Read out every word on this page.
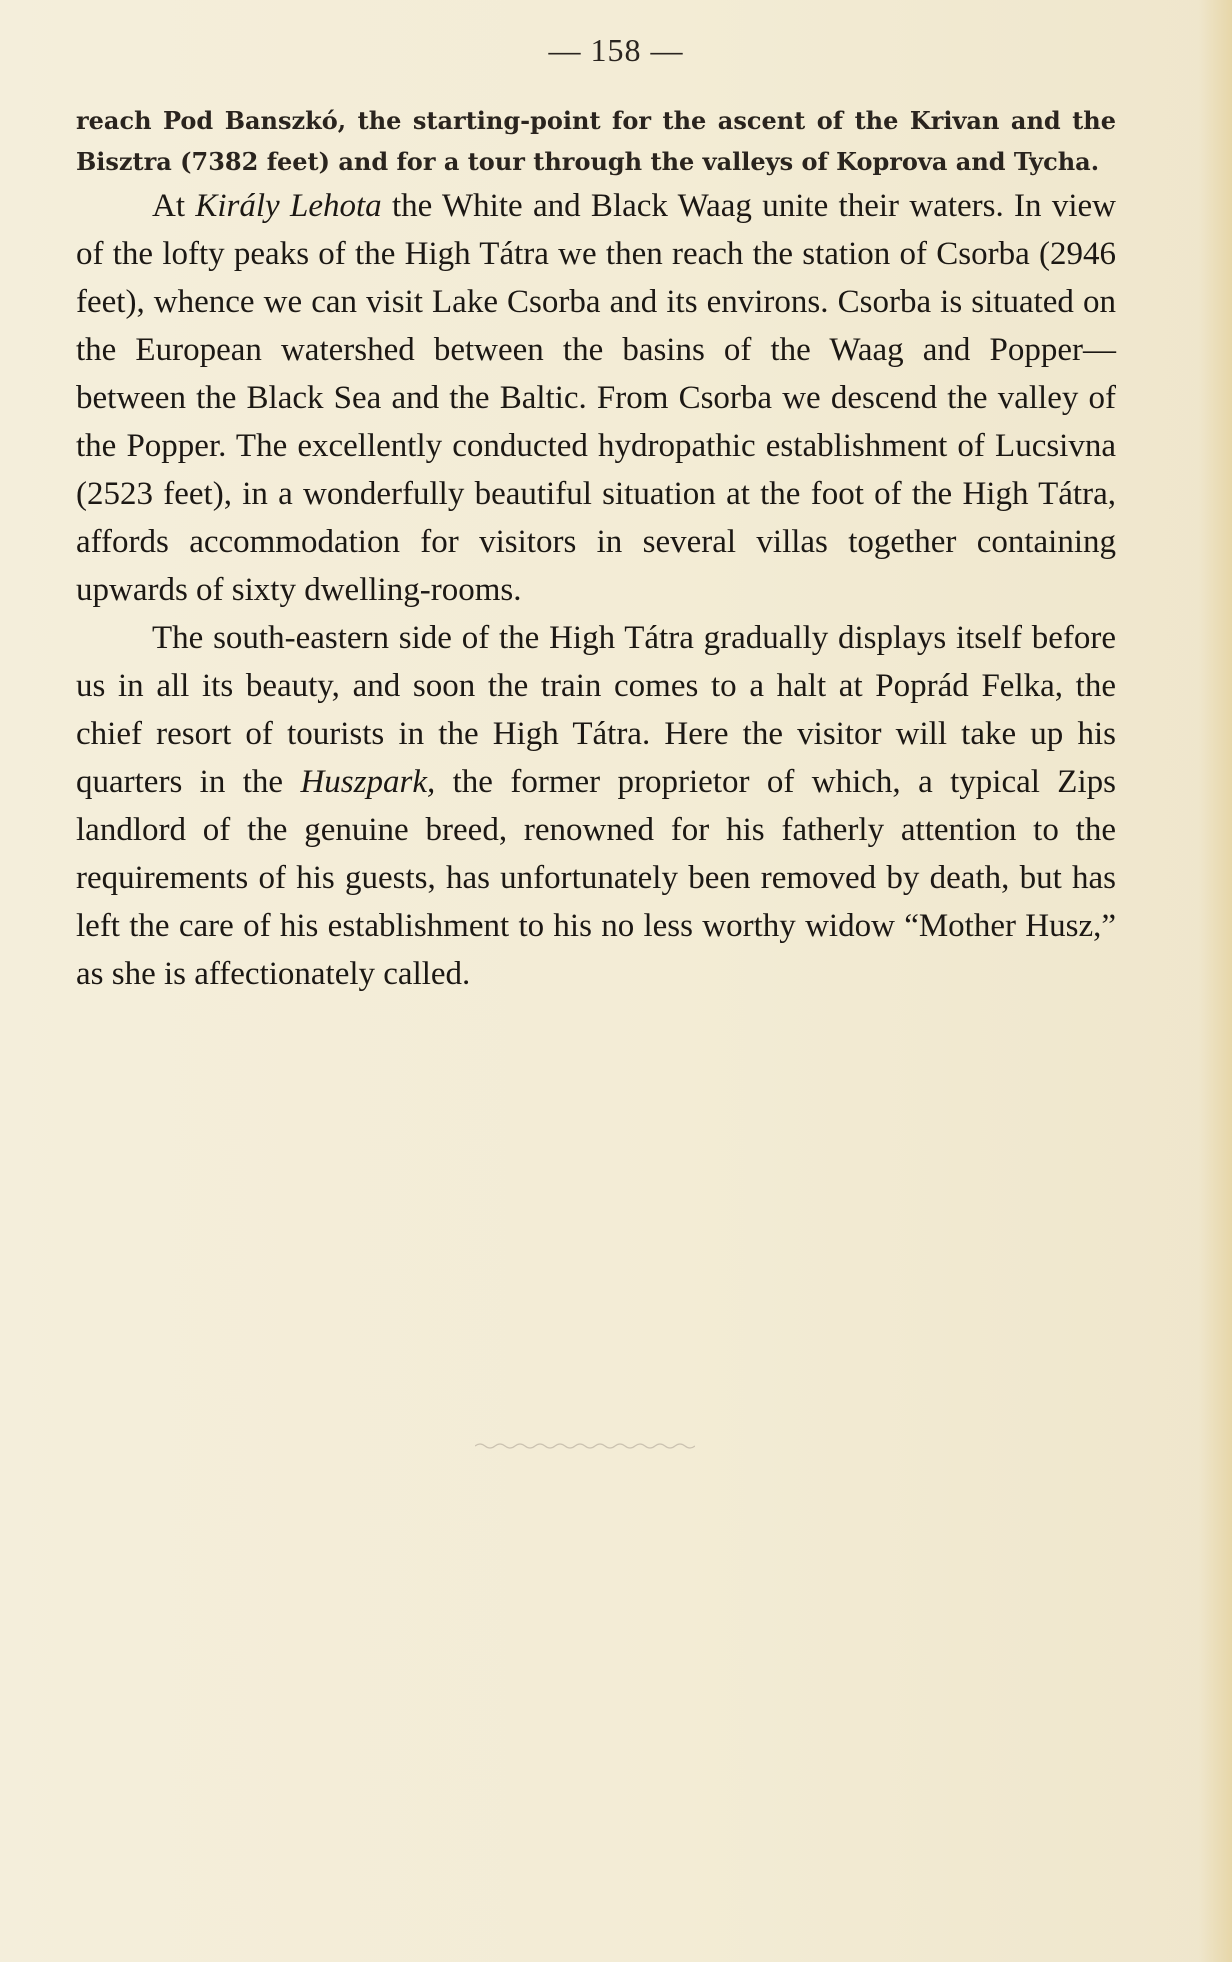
— 158 —

reach Pod Banszkó, the starting-point for the ascent of the Krivan and the Bisztra (7382 feet) and for a tour through the valleys of Koprova and Tycha.

At Király Lehota the White and Black Waag unite their waters. In view of the lofty peaks of the High Tátra we then reach the station of Csorba (2946 feet), whence we can visit Lake Csorba and its environs. Csorba is situated on the European watershed between the basins of the Waag and Popper—between the Black Sea and the Baltic. From Csorba we descend the valley of the Popper. The excellently conducted hydropathic establishment of Lucsivna (2523 feet), in a wonderfully beautiful situation at the foot of the High Tátra, affords accommodation for visitors in several villas together containing upwards of sixty dwelling-rooms.

The south-eastern side of the High Tátra gradually displays itself before us in all its beauty, and soon the train comes to a halt at Poprád Felka, the chief resort of tourists in the High Tátra. Here the visitor will take up his quarters in the Huszpark, the former proprietor of which, a typical Zips landlord of the genuine breed, renowned for his fatherly attention to the requirements of his guests, has unfortunately been removed by death, but has left the care of his establishment to his no less worthy widow “Mother Husz,” as she is affectionately called.
